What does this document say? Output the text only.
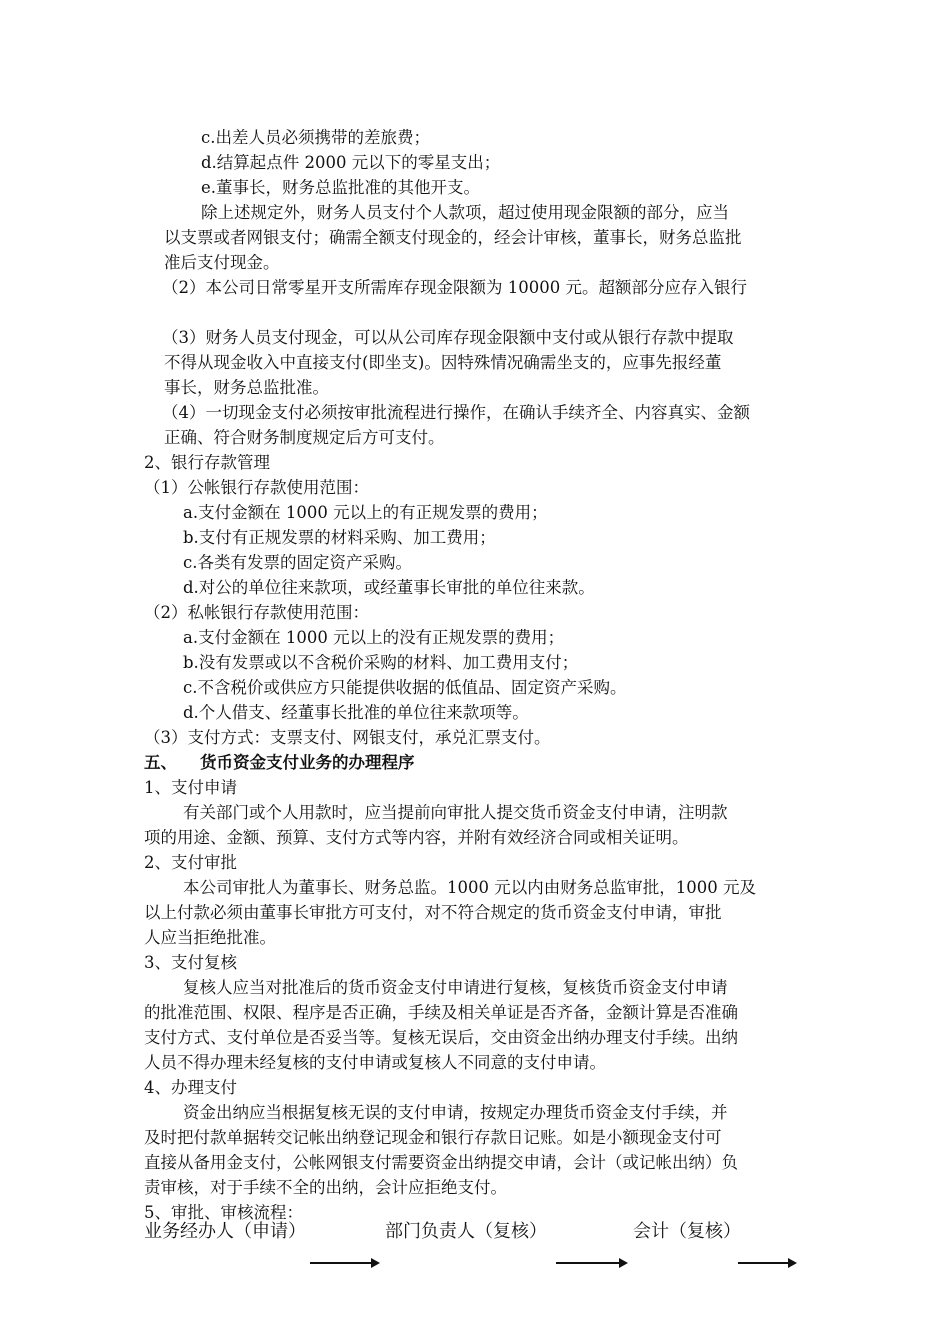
c.出差人员必须携带的差旅费；
d.结算起点件 2000 元以下的零星支出；
e.董事长，财务总监批准的其他开支。
除上述规定外，财务人员支付个人款项，超过使用现金限额的部分，应当
以支票或者网银支付；确需全额支付现金的，经会计审核，董事长，财务总监批
准后支付现金。
（2）本公司日常零星开支所需库存现金限额为 10000 元。超额部分应存入银行
（3）财务人员支付现金，可以从公司库存现金限额中支付或从银行存款中提取
不得从现金收入中直接支付(即坐支)。因特殊情况确需坐支的，应事先报经董
事长，财务总监批准。
（4）一切现金支付必须按审批流程进行操作，在确认手续齐全、内容真实、金额
正确、符合财务制度规定后方可支付。
2、银行存款管理
（1）公帐银行存款使用范围：
a.支付金额在 1000 元以上的有正规发票的费用；
b.支付有正规发票的材料采购、加工费用；
c.各类有发票的固定资产采购。
d.对公的单位往来款项，或经董事长审批的单位往来款。
（2）私帐银行存款使用范围：
a.支付金额在 1000 元以上的没有正规发票的费用；
b.没有发票或以不含税价采购的材料、加工费用支付；
c.不含税价或供应方只能提供收据的低值品、固定资产采购。
d.个人借支、经董事长批准的单位往来款项等。
（3）支付方式：支票支付、网银支付，承兑汇票支付。
五、    货币资金支付业务的办理程序
1、支付申请
有关部门或个人用款时，应当提前向审批人提交货币资金支付申请，注明款
项的用途、金额、预算、支付方式等内容，并附有效经济合同或相关证明。
2、支付审批
本公司审批人为董事长、财务总监。1000 元以内由财务总监审批，1000 元及
以上付款必须由董事长审批方可支付，对不符合规定的货币资金支付申请，审批
人应当拒绝批准。
3、支付复核
复核人应当对批准后的货币资金支付申请进行复核，复核货币资金支付申请
的批准范围、权限、程序是否正确，手续及相关单证是否齐备，金额计算是否准确
支付方式、支付单位是否妥当等。复核无误后，交由资金出纳办理支付手续。出纳
人员不得办理未经复核的支付申请或复核人不同意的支付申请。
4、办理支付
资金出纳应当根据复核无误的支付申请，按规定办理货币资金支付手续，并
及时把付款单据转交记帐出纳登记现金和银行存款日记账。如是小额现金支付可
直接从备用金支付，公帐网银支付需要资金出纳提交申请，会计（或记帐出纳）负
责审核，对于手续不全的出纳，会计应拒绝支付。
5、审批、审核流程：
业务经办人（申请）	部门负责人（复核）	会计（复核）
